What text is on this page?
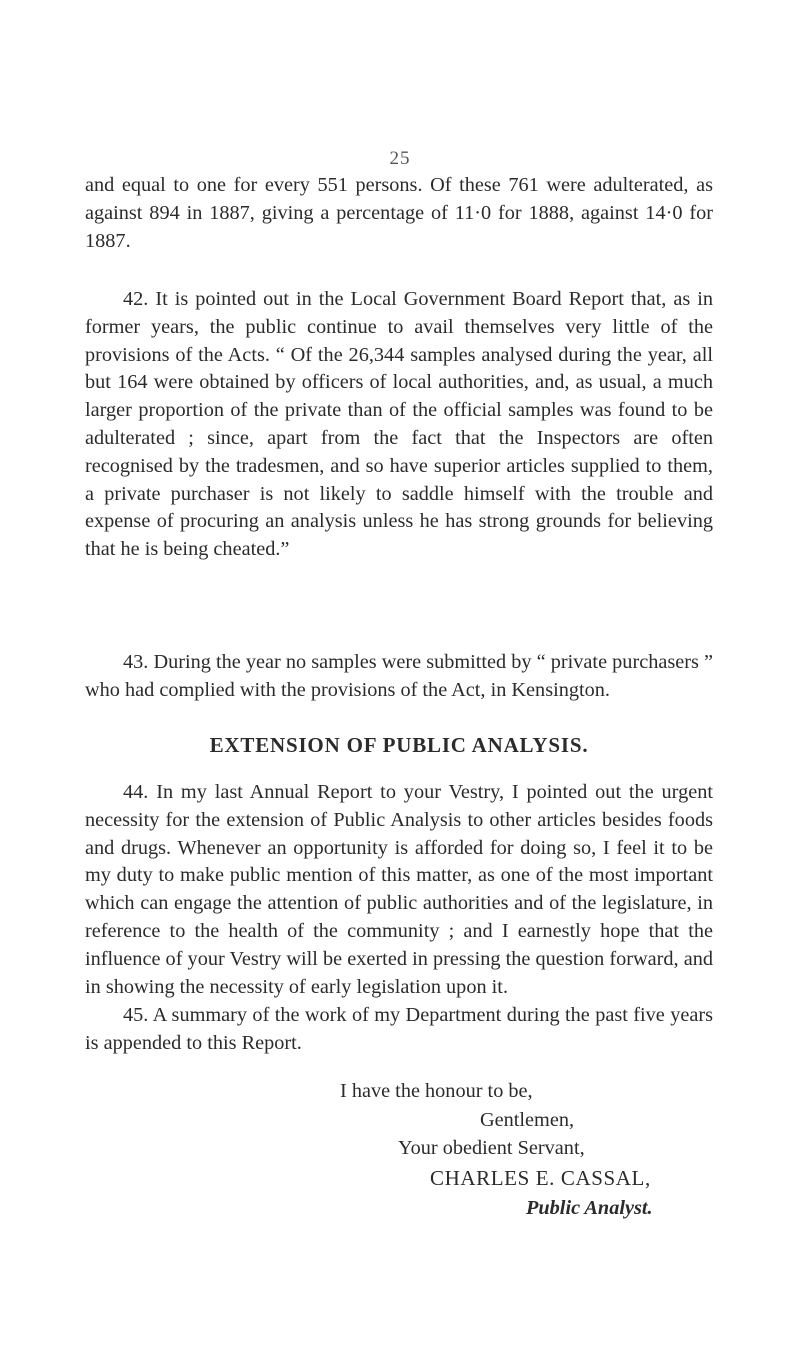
25

and equal to one for every 551 persons. Of these 761 were adulterated, as against 894 in 1887, giving a percentage of 11·0 for 1888, against 14·0 for 1887.

42. It is pointed out in the Local Government Board Report that, as in former years, the public continue to avail themselves very little of the provisions of the Acts. “ Of the 26,344 samples analysed during the year, all but 164 were obtained by officers of local authorities, and, as usual, a much larger proportion of the private than of the official samples was found to be adulterated ; since, apart from the fact that the Inspectors are often recognised by the tradesmen, and so have superior articles supplied to them, a private purchaser is not likely to saddle himself with the trouble and expense of procuring an analysis unless he has strong grounds for believing that he is being cheated.”

43. During the year no samples were submitted by “ private purchasers ” who had complied with the provisions of the Act, in Kensington.

EXTENSION OF PUBLIC ANALYSIS.

44. In my last Annual Report to your Vestry, I pointed out the urgent necessity for the extension of Public Analysis to other articles besides foods and drugs. Whenever an opportunity is afforded for doing so, I feel it to be my duty to make public mention of this matter, as one of the most important which can engage the attention of public authorities and of the legislature, in reference to the health of the community ; and I earnestly hope that the influence of your Vestry will be exerted in pressing the question forward, and in showing the necessity of early legislation upon it.

45. A summary of the work of my Department during the past five years is appended to this Report.

I have the honour to be,

Gentlemen,

Your obedient Servant,

CHARLES E. CASSAL,

Public Analyst.
